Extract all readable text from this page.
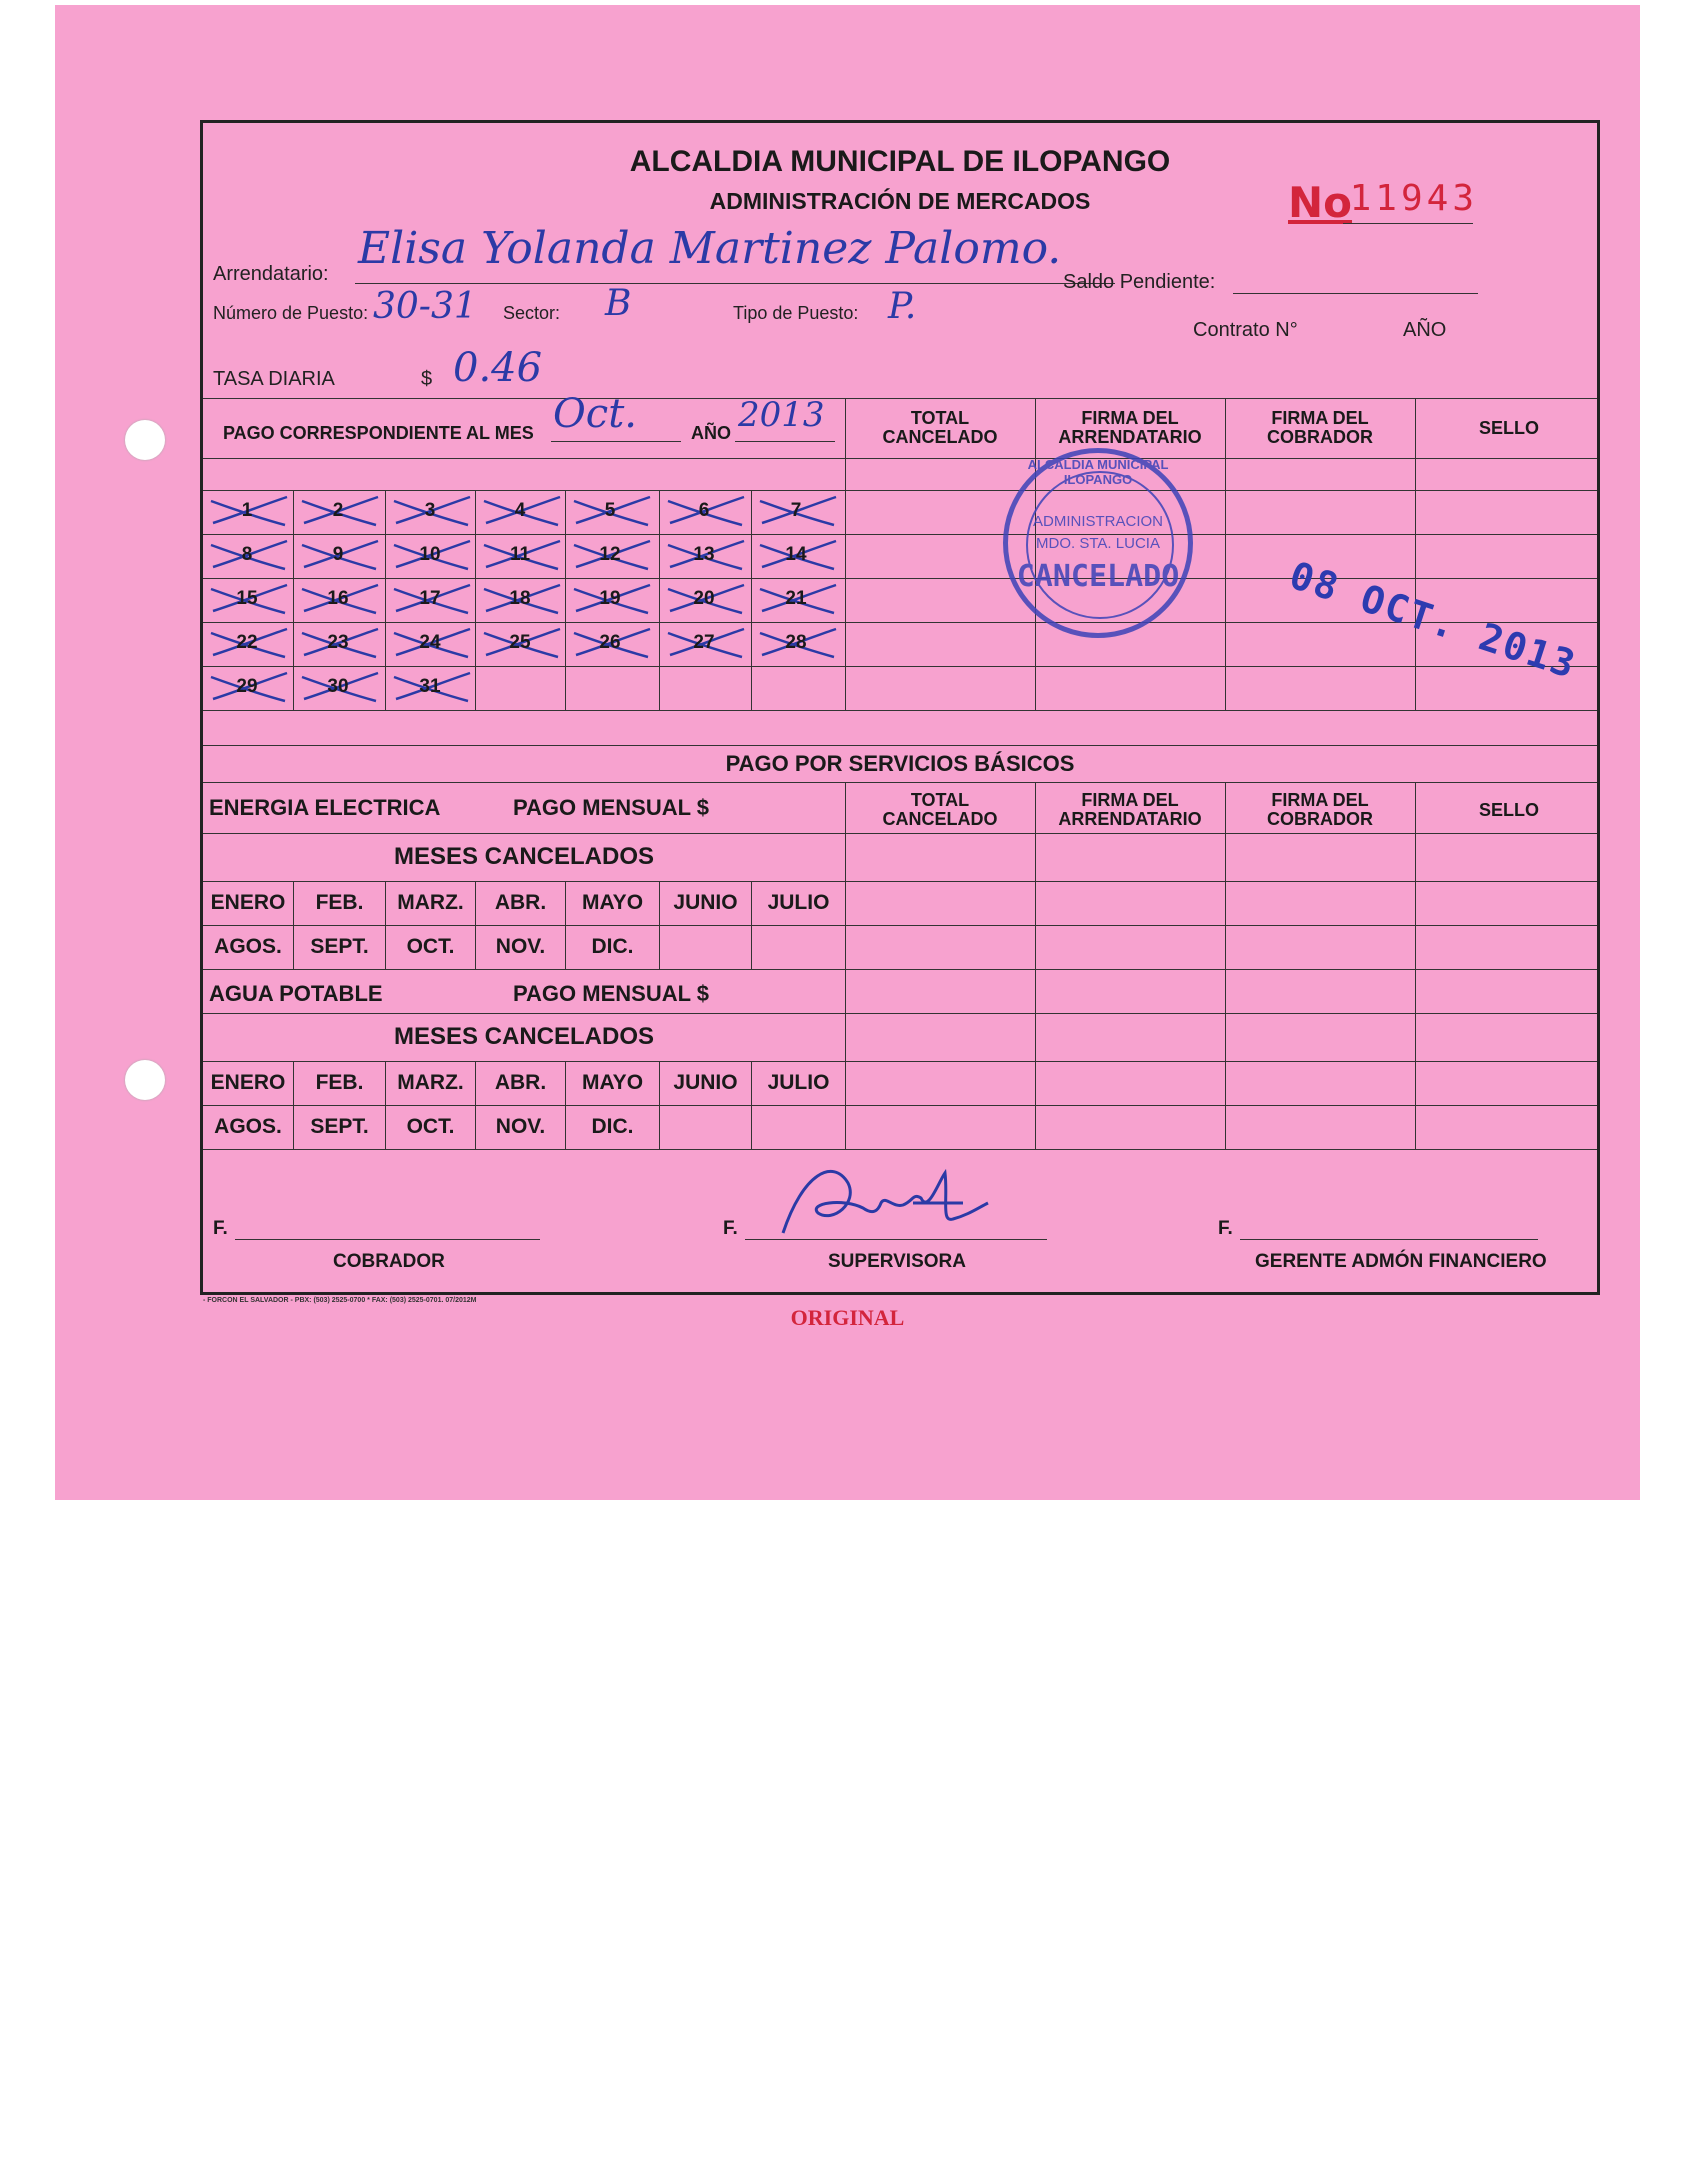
ALCALDIA MUNICIPAL DE ILOPANGO
ADMINISTRACIÓN DE MERCADOS	No
11943
Arrendatario: Elisa Yolanda Martinez Palomo.
Saldo Pendiente:
Número de Puesto: 30-31 Sector: B	Tipo de Puesto: P.
Contrato N°	AÑO
TASA DIARIA	$ 0.46
PAGO CORRESPONDIENTE AL MES Oct.	AÑO 2013	TOTAL
CANCELADO
FIRMA DEL
ARRENDATARIO
FIRMA DEL
COBRADOR	SELLO
1	2	3	4	5	6	7
8	9	10	11	12	13	14
15	16	17	18	19	20	21
22	23	24	25	26	27	28
29	30	31
ALCALDIA MUNICIPAL ILOPANGO
ADMINISTRACION
MDO. STA. LUCIA
CANCELADO	08 OCT. 2013
PAGO POR SERVICIOS BÁSICOS
ENERGIA ELECTRICA	PAGO MENSUAL $	TOTAL
CANCELADO
FIRMA DEL
ARRENDATARIO
FIRMA DEL
COBRADOR	SELLO
MESES CANCELADOS
ENERO	FEB.	MARZ.	ABR.	MAYO	JUNIO	JULIO
AGOS.	SEPT.	OCT.	NOV.	DIC.
AGUA POTABLE	PAGO MENSUAL $
MESES CANCELADOS
ENERO	FEB.	MARZ.	ABR.	MAYO	JUNIO	JULIO
AGOS.	SEPT.	OCT.	NOV.	DIC.
F.
COBRADOR
F.
SUPERVISORA
F.
GERENTE ADMÓN FINANCIERO
- FORCON EL SALVADOR - PBX: (503) 2525-0700 * FAX: (503) 2525-0701. 07/2012M
ORIGINAL
